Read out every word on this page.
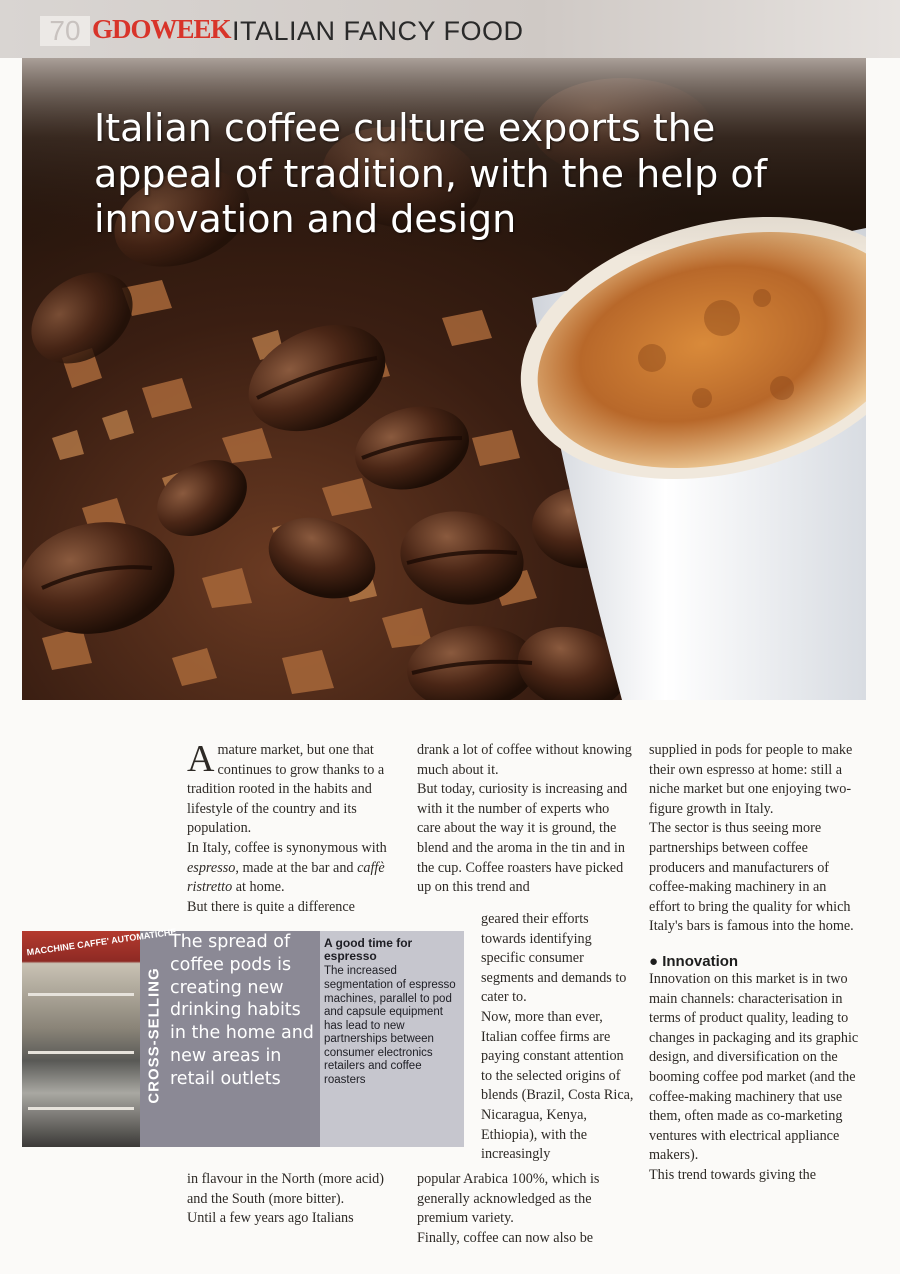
70 GDOWEEK ITALIAN FANCY FOOD
Italian coffee culture exports the appeal of tradition, with the help of innovation and design

Amature market, but one that continues to grow thanks to a tradition rooted in the habits and lifestyle of the country and its population.

In Italy, coffee is synonymous with espresso, made at the bar and caffè ristretto at home.

But there is quite a difference

in flavour in the North (more acid) and the South (more bitter).

Until a few years ago Italians

drank a lot of coffee without knowing much about it.

But today, curiosity is increasing and with it the number of experts who care about the way it is ground, the blend and the aroma in the tin and in the cup. Coffee roasters have picked up on this trend and

geared their efforts towards identifying specific consumer segments and demands to cater to.

Now, more than ever, Italian coffee firms are paying constant attention to the selected origins of blends (Brazil, Costa Rica, Nicaragua, Kenya, Ethiopia), with the increasingly

popular Arabica 100%, which is generally acknowledged as the premium variety.

Finally, coffee can now also be

supplied in pods for people to make their own espresso at home: still a niche market but one enjoying two-figure growth in Italy.

The sector is thus seeing more partnerships between coffee producers and manufacturers of coffee-making machinery in an effort to bring the quality for which Italy's bars is famous into the home.

● Innovation

Innovation on this market is in two main channels: characterisation in terms of product quality, leading to changes in packaging and its graphic design, and diversification on the booming coffee pod market (and the coffee-making machinery that use them, often made as co-marketing ventures with electrical appliance makers).

This trend towards giving the

MACCHINE CAFFE' AUTOMATICHE
CROSS-SELLING
The spread of coffee pods is creating new drinking habits in the home and new areas in retail outlets
A good time for espresso
The increased segmentation of espresso machines, parallel to pod and capsule equipment has lead to new partnerships between consumer electronics retailers and coffee roasters
